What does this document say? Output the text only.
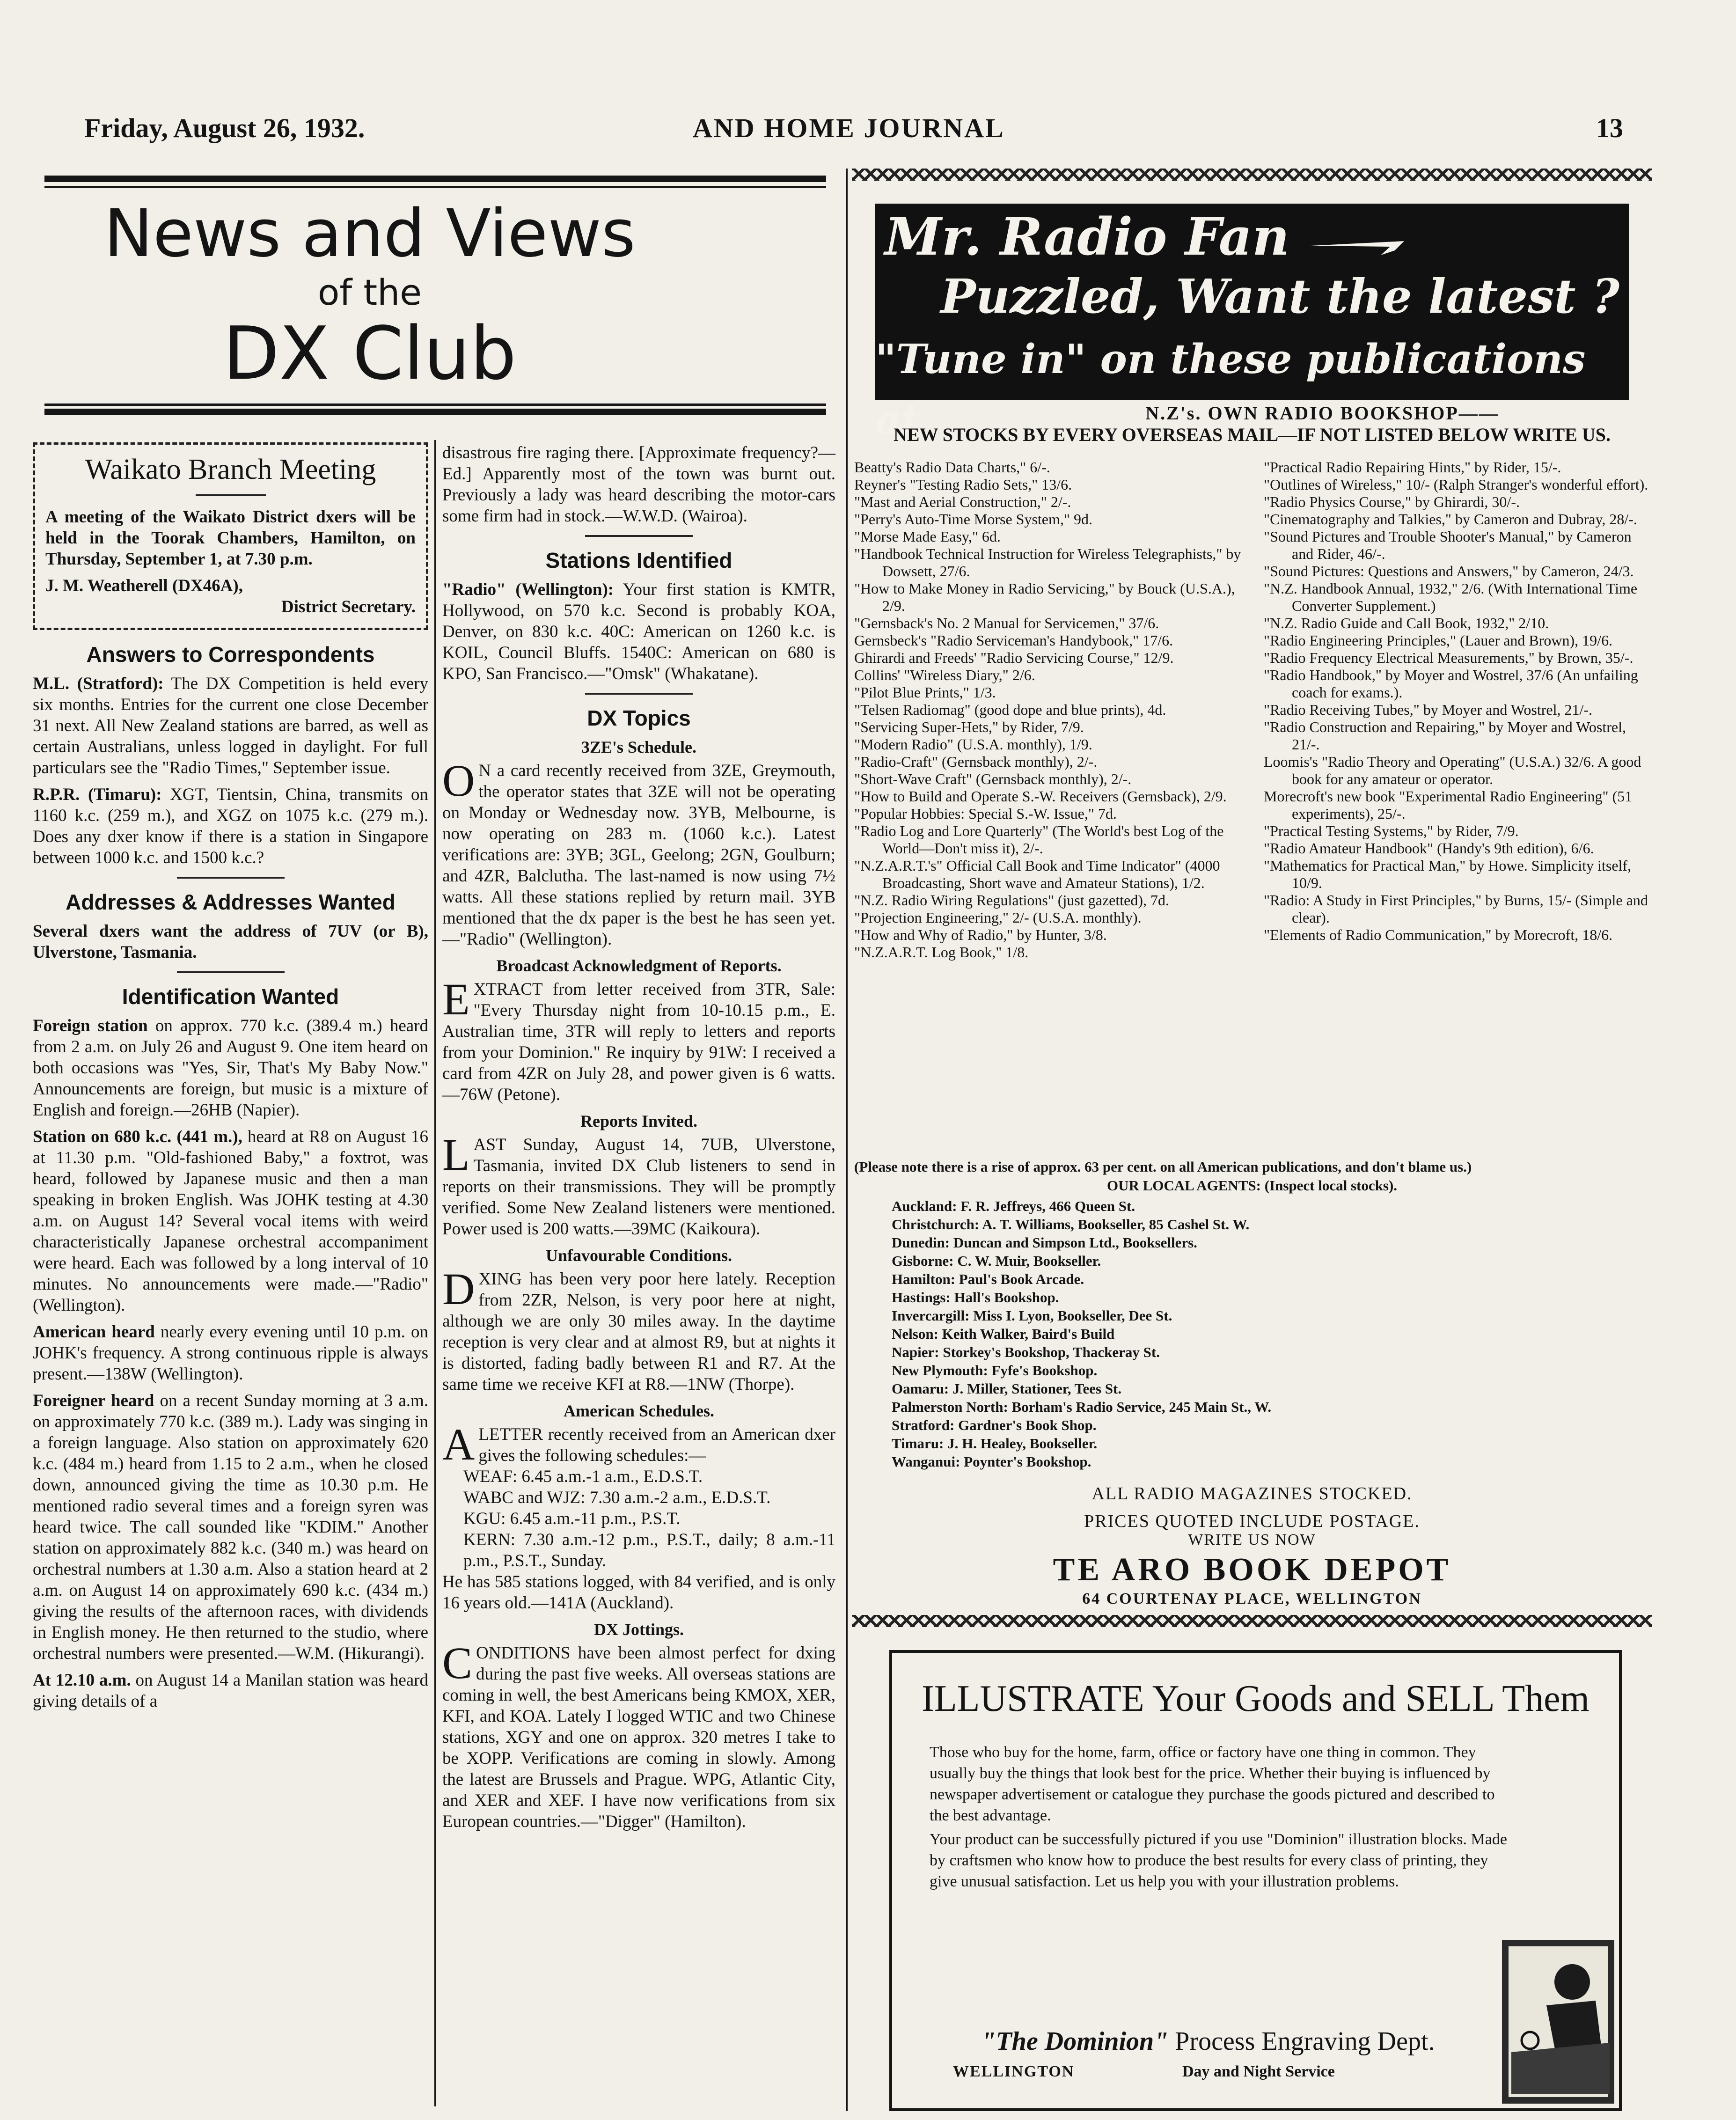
Friday, August 26, 1932.	AND HOME JOURNAL	13
News and Views
of the
DX Club
Waikato Branch Meeting

A meeting of the Waikato District dxers will be held in the Toorak Chambers, Hamilton, on Thursday, September 1, at 7.30 p.m.

J. M. Weatherell (DX46A),

District Secretary.

Answers to Correspondents

M.L. (Stratford): The DX Competition is held every six months. Entries for the current one close December 31 next. All New Zealand stations are barred, as well as certain Australians, unless logged in daylight. For full particulars see the "Radio Times," September issue.

R.P.R. (Timaru): XGT, Tientsin, China, transmits on 1160 k.c. (259 m.), and XGZ on 1075 k.c. (279 m.). Does any dxer know if there is a station in Singapore between 1000 k.c. and 1500 k.c.?

Addresses & Addresses Wanted

Several dxers want the address of 7UV (or B), Ulverstone, Tasmania.

Identification Wanted

Foreign station on approx. 770 k.c. (389.4 m.) heard from 2 a.m. on July 26 and August 9. One item heard on both occasions was "Yes, Sir, That's My Baby Now." Announcements are foreign, but music is a mixture of English and foreign.—26HB (Napier).

Station on 680 k.c. (441 m.), heard at R8 on August 16 at 11.30 p.m. "Old-fashioned Baby," a foxtrot, was heard, followed by Japanese music and then a man speaking in broken English. Was JOHK testing at 4.30 a.m. on August 14? Several vocal items with weird characteristically Japanese orchestral accompaniment were heard. Each was followed by a long interval of 10 minutes. No announcements were made.—"Radio" (Wellington).

American heard nearly every evening until 10 p.m. on JOHK's frequency. A strong continuous ripple is always present.—138W (Wellington).

Foreigner heard on a recent Sunday morning at 3 a.m. on approximately 770 k.c. (389 m.). Lady was singing in a foreign language. Also station on approximately 620 k.c. (484 m.) heard from 1.15 to 2 a.m., when he closed down, announced giving the time as 10.30 p.m. He mentioned radio several times and a foreign syren was heard twice. The call sounded like "KDIM." Another station on approximately 882 k.c. (340 m.) was heard on orchestral numbers at 1.30 a.m. Also a station heard at 2 a.m. on August 14 on approximately 690 k.c. (434 m.) giving the results of the afternoon races, with dividends in English money. He then returned to the studio, where orchestral numbers were presented.—W.M. (Hikurangi).

At 12.10 a.m. on August 14 a Manilan station was heard giving details of a

disastrous fire raging there. [Approximate frequency?—Ed.] Apparently most of the town was burnt out. Previously a lady was heard describing the motor-cars some firm had in stock.—W.W.D. (Wairoa).

Stations Identified

"Radio" (Wellington): Your first station is KMTR, Hollywood, on 570 k.c. Second is probably KOA, Denver, on 830 k.c. 40C: American on 1260 k.c. is KOIL, Council Bluffs. 1540C: American on 680 is KPO, San Francisco.—"Omsk" (Whakatane).

DX Topics
3ZE's Schedule.

O N a card recently received from 3ZE, Greymouth, the operator states that 3ZE will not be operating on Monday or Wednesday now. 3YB, Melbourne, is now operating on 283 m. (1060 k.c.). Latest verifications are: 3YB; 3GL, Geelong; 2GN, Goulburn; and 4ZR, Balclutha. The last-named is now using 7½ watts. All these stations replied by return mail. 3YB mentioned that the dx paper is the best he has seen yet.—"Radio" (Wellington).

Broadcast Acknowledgment of Reports.

EXTRACT from letter received from 3TR, Sale: "Every Thursday night from 10-10.15 p.m., E. Australian time, 3TR will reply to letters and reports from your Dominion." Re inquiry by 91W: I received a card from 4ZR on July 28, and power given is 6 watts.—76W (Petone).

Reports Invited.

LAST Sunday, August 14, 7UB, Ulverstone, Tasmania, invited DX Club listeners to send in reports on their transmissions. They will be promptly verified. Some New Zealand listeners were mentioned. Power used is 200 watts.—39MC (Kaikoura).

Unfavourable Conditions.

DXING has been very poor here lately. Reception from 2ZR, Nelson, is very poor here at night, although we are only 30 miles away. In the daytime reception is very clear and at almost R9, but at nights it is distorted, fading badly between R1 and R7. At the same time we receive KFI at R8.—1NW (Thorpe).

American Schedules.

ALETTER recently received from an American dxer gives the following schedules:—

WEAF: 6.45 a.m.-1 a.m., E.D.S.T.
WABC and WJZ: 7.30 a.m.-2 a.m., E.D.S.T.
KGU: 6.45 a.m.-11 p.m., P.S.T.
KERN: 7.30 a.m.-12 p.m., P.S.T., daily; 8 a.m.-11 p.m., P.S.T., Sunday.

He has 585 stations logged, with 84 verified, and is only 16 years old.—141A (Auckland).

DX Jottings.

CONDITIONS have been almost perfect for dxing during the past five weeks. All overseas stations are coming in well, the best Americans being KMOX, XER, KFI, and KOA. Lately I logged WTIC and two Chinese stations, XGY and one on approx. 320 metres I take to be XOPP. Verifications are coming in slowly. Among the latest are Brussels and Prague. WPG, Atlantic City, and XER and XEF. I have now verifications from six European countries.—"Digger" (Hamilton).

Mr. Radio Fan
Puzzled, Want the latest ?
"Tune in" on these publications at	N.Z's. OWN RADIO BOOKSHOP——
NEW STOCKS BY EVERY OVERSEAS MAIL—IF NOT LISTED BELOW WRITE US.
Beatty's Radio Data Charts," 6/-.
Reyner's "Testing Radio Sets," 13/6.
"Mast and Aerial Construction," 2/-.
"Perry's Auto-Time Morse System," 9d.
"Morse Made Easy," 6d.
"Handbook Technical Instruction for Wireless Telegraphists," by Dowsett, 27/6.
"How to Make Money in Radio Servicing," by Bouck (U.S.A.), 2/9.
"Gernsback's No. 2 Manual for Servicemen," 37/6.
Gernsbeck's "Radio Serviceman's Handybook," 17/6.
Ghirardi and Freeds' "Radio Servicing Course," 12/9.
Collins' "Wireless Diary," 2/6.
"Pilot Blue Prints," 1/3.
"Telsen Radiomag" (good dope and blue prints), 4d.
"Servicing Super-Hets," by Rider, 7/9.
"Modern Radio" (U.S.A. monthly), 1/9.
"Radio-Craft" (Gernsback monthly), 2/-.
"Short-Wave Craft" (Gernsback monthly), 2/-.
"How to Build and Operate S.-W. Receivers (Gernsback), 2/9.
"Popular Hobbies: Special S.-W. Issue," 7d.
"Radio Log and Lore Quarterly" (The World's best Log of the World—Don't miss it), 2/-.
"N.Z.A.R.T.'s" Official Call Book and Time Indicator" (4000 Broadcasting, Short wave and Amateur Stations), 1/2.
"N.Z. Radio Wiring Regulations" (just gazetted), 7d.
"Projection Engineering," 2/- (U.S.A. monthly).
"How and Why of Radio," by Hunter, 3/8.
"N.Z.A.R.T. Log Book," 1/8.
"Practical Radio Repairing Hints," by Rider, 15/-.
"Outlines of Wireless," 10/- (Ralph Stranger's wonderful effort).
"Radio Physics Course," by Ghirardi, 30/-.
"Cinematography and Talkies," by Cameron and Dubray, 28/-.
"Sound Pictures and Trouble Shooter's Manual," by Cameron and Rider, 46/-.
"Sound Pictures: Questions and Answers," by Cameron, 24/3.
"N.Z. Handbook Annual, 1932," 2/6. (With International Time Converter Supplement.)
"N.Z. Radio Guide and Call Book, 1932," 2/10.
"Radio Engineering Principles," (Lauer and Brown), 19/6.
"Radio Frequency Electrical Measurements," by Brown, 35/-.
"Radio Handbook," by Moyer and Wostrel, 37/6 (An unfailing coach for exams.).
"Radio Receiving Tubes," by Moyer and Wostrel, 21/-.
"Radio Construction and Repairing," by Moyer and Wostrel, 21/-.
Loomis's "Radio Theory and Operating" (U.S.A.) 32/6. A good book for any amateur or operator.
Morecroft's new book "Experimental Radio Engineering" (51 experiments), 25/-.
"Practical Testing Systems," by Rider, 7/9.
"Radio Amateur Handbook" (Handy's 9th edition), 6/6.
"Mathematics for Practical Man," by Howe. Simplicity itself, 10/9.
"Radio: A Study in First Principles," by Burns, 15/- (Simple and clear).
"Elements of Radio Communication," by Morecroft, 18/6.
(Please note there is a rise of approx. 63 per cent. on all American publications, and don't blame us.)
OUR LOCAL AGENTS: (Inspect local stocks).
Auckland: F. R. Jeffreys, 466 Queen St.
Christchurch: A. T. Williams, Bookseller, 85 Cashel St. W.
Dunedin: Duncan and Simpson Ltd., Booksellers.
Gisborne: C. W. Muir, Bookseller.
Hamilton: Paul's Book Arcade.
Hastings: Hall's Bookshop.
Invercargill: Miss I. Lyon, Bookseller, Dee St.
Nelson: Keith Walker, Baird's Build
Napier: Storkey's Bookshop, Thackeray St.
New Plymouth: Fyfe's Bookshop.
Oamaru: J. Miller, Stationer, Tees St.
Palmerston North: Borham's Radio Service, 245 Main St., W.
Stratford: Gardner's Book Shop.
Timaru: J. H. Healey, Bookseller.
Wanganui: Poynter's Bookshop.
ALL RADIO MAGAZINES STOCKED.
PRICES QUOTED INCLUDE POSTAGE.
WRITE US NOW
TE ARO BOOK DEPOT
64 COURTENAY PLACE, WELLINGTON
ILLUSTRATE Your Goods and SELL Them

Those who buy for the home, farm, office or factory have one thing in common. They usually buy the things that look best for the price. Whether their buying is influenced by newspaper advertisement or catalogue they purchase the goods pictured and described to the best advantage.

Your product can be successfully pictured if you use "Dominion" illustration blocks. Made by craftsmen who know how to produce the best results for every class of printing, they give unusual satisfaction. Let us help you with your illustration problems.

"The Dominion" Process Engraving Dept.
WELLINGTON	Day and Night Service
